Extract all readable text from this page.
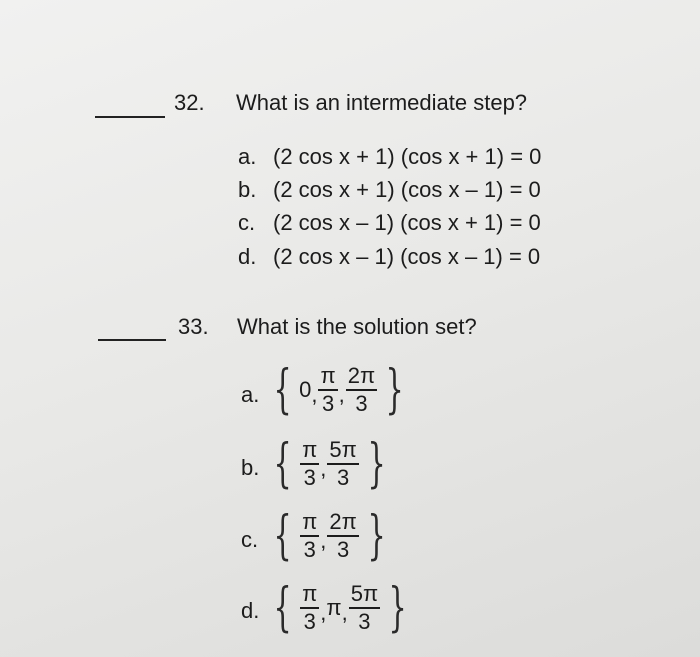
32. What is an intermediate step?
a. (2 cos x + 1) (cos x + 1) = 0
b. (2 cos x + 1) (cos x – 1) = 0
c. (2 cos x – 1) (cos x + 1) = 0
d. (2 cos x – 1) (cos x – 1) = 0
33. What is the solution set?
a. { 0 , $\frac{\pi}{3}$ , $\frac{2\pi}{3}$ }
b. { $\frac{\pi}{3}$ , $\frac{5\pi}{3}$ }
c. { $\frac{\pi}{3}$ , $\frac{2\pi}{3}$ }
d. { $\frac{\pi}{3}$ , π , $\frac{5\pi}{3}$ }
